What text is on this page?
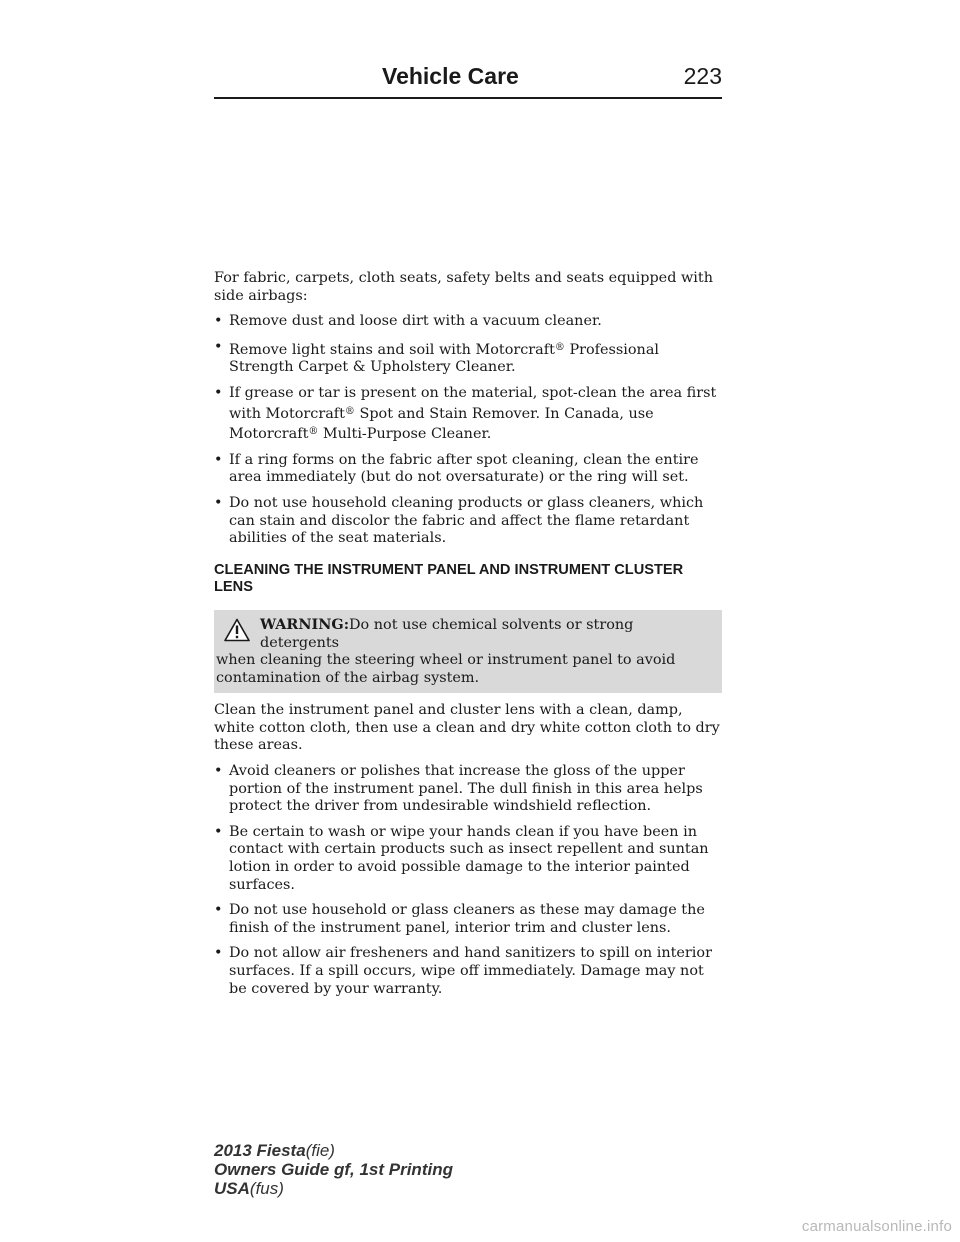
Vehicle Care	223

For fabric, carpets, cloth seats, safety belts and seats equipped with side airbags:

• Remove dust and loose dirt with a vacuum cleaner.
• Remove light stains and soil with Motorcraft® Professional Strength Carpet & Upholstery Cleaner.
• If grease or tar is present on the material, spot-clean the area first with Motorcraft® Spot and Stain Remover. In Canada, use Motorcraft® Multi-Purpose Cleaner.
• If a ring forms on the fabric after spot cleaning, clean the entire area immediately (but do not oversaturate) or the ring will set.
• Do not use household cleaning products or glass cleaners, which can stain and discolor the fabric and affect the flame retardant abilities of the seat materials.
CLEANING THE INSTRUMENT PANEL AND INSTRUMENT CLUSTER LENS
WARNING:Do not use chemical solvents or strong detergents
when cleaning the steering wheel or instrument panel to avoid contamination of the airbag system.

Clean the instrument panel and cluster lens with a clean, damp, white cotton cloth, then use a clean and dry white cotton cloth to dry these areas.

• Avoid cleaners or polishes that increase the gloss of the upper portion of the instrument panel. The dull finish in this area helps protect the driver from undesirable windshield reflection.
• Be certain to wash or wipe your hands clean if you have been in contact with certain products such as insect repellent and suntan lotion in order to avoid possible damage to the interior painted surfaces.
• Do not use household or glass cleaners as these may damage the finish of the instrument panel, interior trim and cluster lens.
• Do not allow air fresheners and hand sanitizers to spill on interior surfaces. If a spill occurs, wipe off immediately. Damage may not be covered by your warranty.
2013 Fiesta(fie)
Owners Guide gf, 1st Printing
USA(fus)
carmanualsonline.info
